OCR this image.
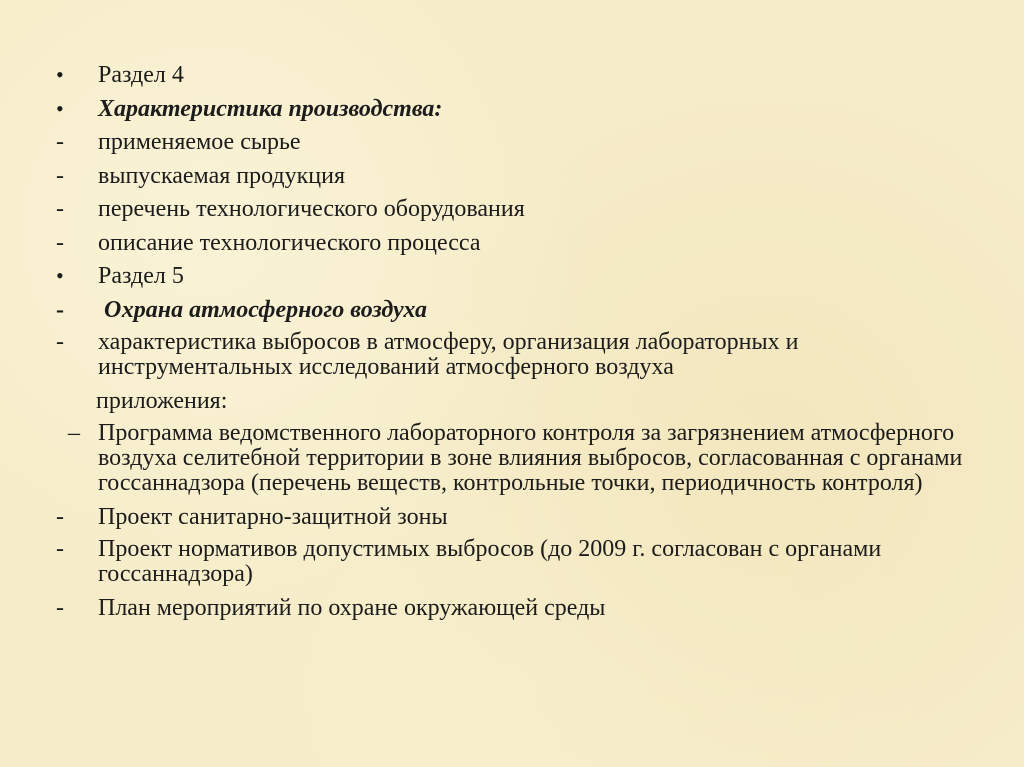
•	Раздел 4
•	Характеристика производства:
-	применяемое сырье
-	выпускаемая продукция
-	перечень технологического оборудования
-	описание технологического процесса
•	Раздел 5
-	Охрана атмосферного воздуха
-	характеристика выбросов в атмосферу, организация лабораторных и инструментальных исследований атмосферного воздуха
приложения:
– Программа ведомственного лабораторного контроля за загрязнением атмосферного воздуха селитебной территории в зоне влияния выбросов, согласованная с органами госсаннадзора (перечень веществ, контрольные точки, периодичность контроля)
-	Проект санитарно-защитной зоны
-	Проект нормативов допустимых выбросов (до 2009 г. согласован с органами госсаннадзора)
-	План мероприятий по охране окружающей среды
